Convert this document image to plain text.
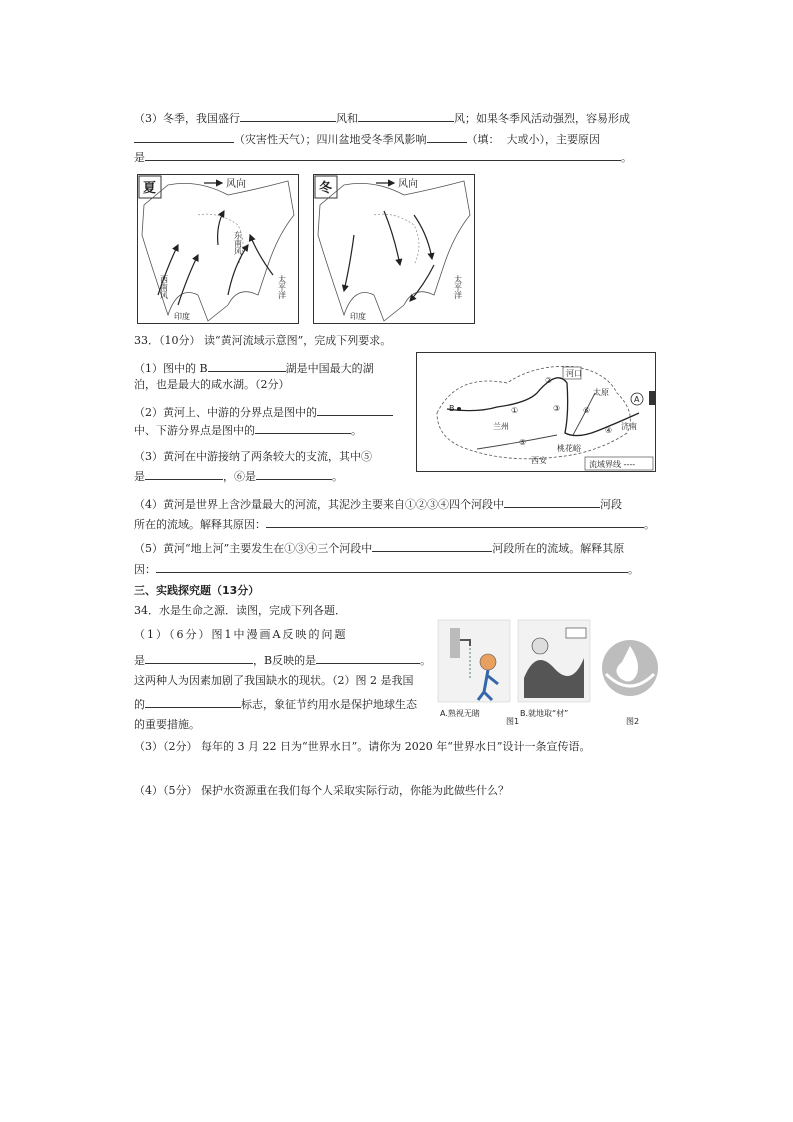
（3）冬季，我国盛行	风和	风；如果冬季风活动强烈，容易形成
（灾害性天气）；四川盆地受冬季风影响	（填： 大或小），主要原因
是	。
夏	风向
东南风
西南风	太平洋
印度
冬	风向
太平洋
印度
33．（10分） 读“黄河流域示意图”，完成下列要求。
（1）图中的 B	湖是中国最大的湖
泊，也是最大的咸水湖。（2分）
（2）黄河上、中游的分界点是图中的
中、下游分界点是图中的	。
（3）黄河在中游接纳了两条较大的支流，其中⑤
是	，⑥是	。
A
B	①
②
③
④
⑤
⑥
兰州
西安
太原
济南
桃花峪
河口
流域界线 ----
（4）黄河是世界上含沙量最大的河流，其泥沙主要来自①②③④四个河段中	河段
所在的流域。解释其原因：	。
（5）黄河“地上河”主要发生在①③④三个河段中	河段所在的流域。解释其原
因：	。
三、实践探究题（13分）
34．水是生命之源．读图，完成下列各题．
（1）（6分）图1中漫画A反映的问题
是	，B反映的是	。
这两种人为因素加剧了我国缺水的现状。（2）图 2 是我国
的	标志，象征节约用水是保护地球生态
的重要措施。
A.熟视无睹	B.就地取“材”
图1	图2
（3）（2分） 每年的 3 月 22 日为“世界水日”。请你为 2020 年“世界水日”设计一条宣传语。
（4）（5分） 保护水资源重在我们每个人采取实际行动，你能为此做些什么？
